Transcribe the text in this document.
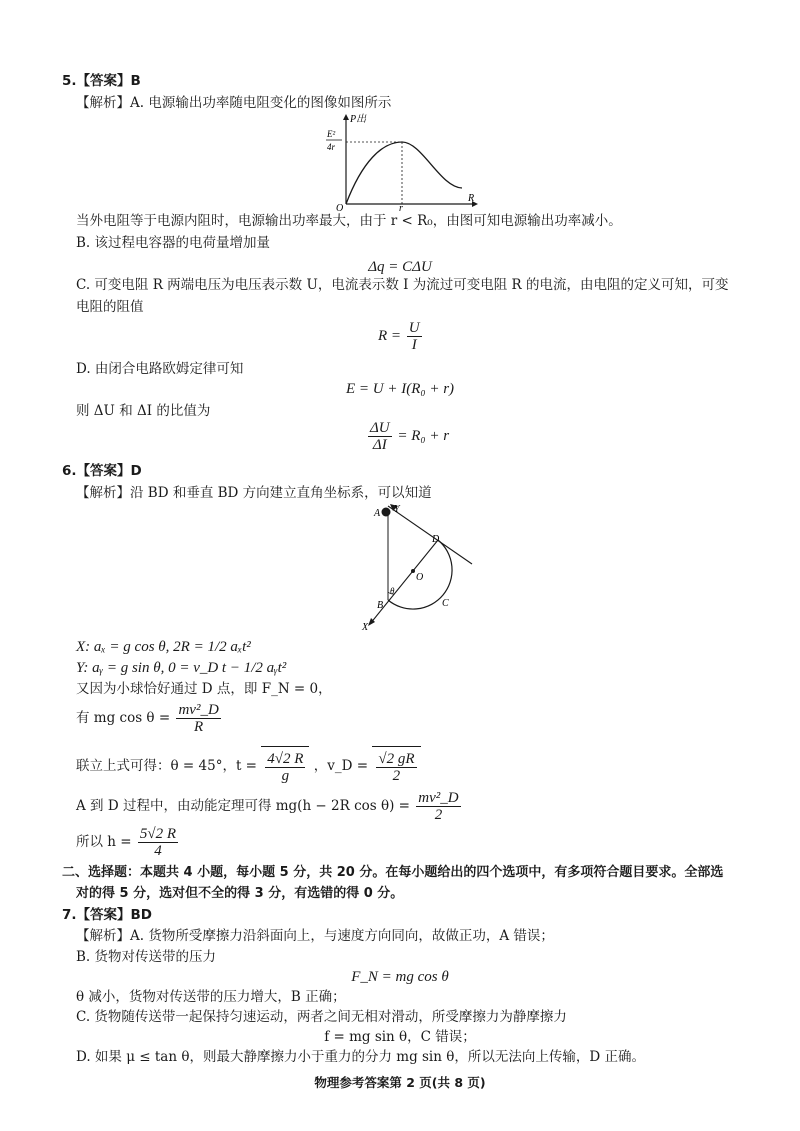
5.【答案】B
【解析】A. 电源输出功率随电阻变化的图像如图所示
P出
E²
4r
O	r
R
当外电阻等于电源内阻时，电源输出功率最大，由于 r < R₀，由图可知电源输出功率减小。
B. 该过程电容器的电荷量增加量
Δq = CΔU
C. 可变电阻 R 两端电压为电压表示数 U，电流表示数 I 为流过可变电阻 R 的电流，由电阻的定义可知，可变
电阻的阻值
$R = \frac{U}{I}$
D. 由闭合电路欧姆定律可知
E = U + I(R₀ + r)
则 ΔU 和 ΔI 的比值为
$\frac{\Delta U}{\Delta I} = R_0 + r$
6.【答案】D
【解析】沿 BD 和垂直 BD 方向建立直角坐标系，可以知道
A Y
D
O
θ
B	C
X
X: aₓ = g cos θ, 2R = 1/2 aₓt²
Y: aᵧ = g sin θ, 0 = v_D t − 1/2 aᵧt²
又因为小球恰好通过 D 点，即 F_N = 0，
有 mg $\cos \theta = \frac{\text{mv²\_D}}{R}$
联立上式可得：θ = 45°，$t = \frac{4√2 R}{g}$ ，v_D = $\frac{√2 gR}{2}$
A 到 D 过程中，由动能定理可得 mg(h − 2R $\cos \theta) = \frac{\text{mv²\_D}}{2}$
所以 $h = \frac{5√2 R}{4}$
二、选择题：本题共 4 小题，每小题 5 分，共 20 分。在每小题给出的四个选项中，有多项符合题目要求。全部选
对的得 5 分，选对但不全的得 3 分，有选错的得 0 分。
7.【答案】BD
【解析】A. 货物所受摩擦力沿斜面向上，与速度方向同向，故做正功，A 错误；
B. 货物对传送带的压力
F_N = mg cos θ
θ 减小，货物对传送带的压力增大，B 正确；
C. 货物随传送带一起保持匀速运动，两者之间无相对滑动，所受摩擦力为静摩擦力
f = mg sin θ，C 错误；
D. 如果 μ ≤ tan θ，则最大静摩擦力小于重力的分力 mg sin θ，所以无法向上传输，D 正确。
物理参考答案第 2 页(共 8 页)
